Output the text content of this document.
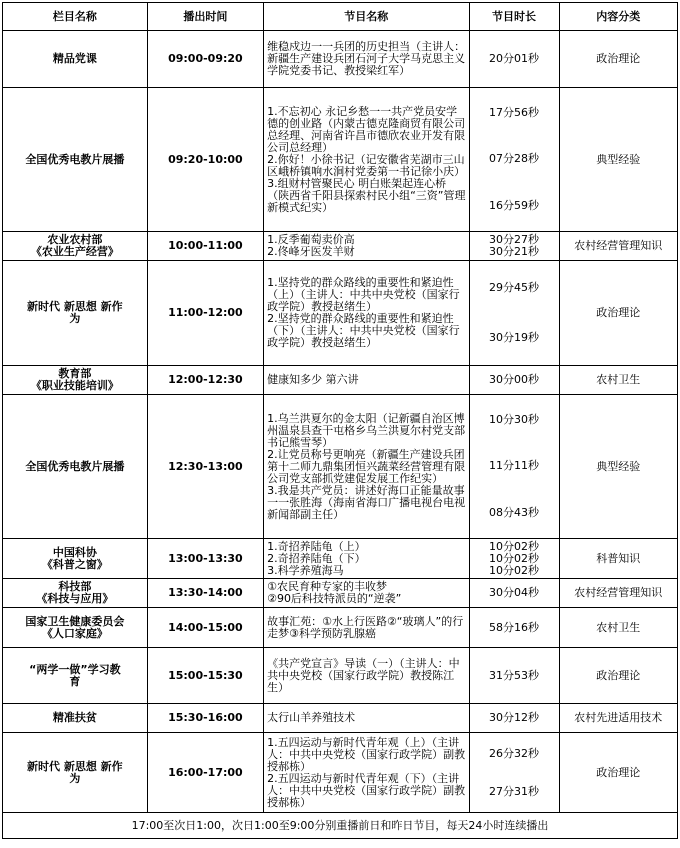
栏目名称	播出时间	节目名称	节目时长	内容分类

精品党课	09:00-09:20	维稳戍边一一兵团的历史担当（主讲人：新疆生产建设兵团石河子大学马克思主义学院党委书记、教授梁红军）	20分01秒	政治理论

全国优秀电教片展播	09:20-10:00	1.不忘初心 永记乡愁一一共产党员安学德的创业路（内蒙古德克隆商贸有限公司总经理、河南省许昌市德欣农业开发有限公司总经理）
2.你好！小徐书记（记安徽省芜湖市三山区峨桥镇响水涧村党委第一书记徐小庆）
3.组财村管聚民心 明白账架起连心桥（陕西省千阳县探索村民小组“三资”管理新模式纪实）	17分56秒
07分28秒
16分59秒	典型经验

农业农村部
《农业生产经营》	10:00-11:00	1.反季葡萄卖价高
2.佟峰牙医发羊财	30分27秒
30分21秒	农村经营管理知识

新时代 新思想 新作
为	11:00-12:00	1.坚持党的群众路线的重要性和紧迫性（上）（主讲人：中共中央党校（国家行政学院）教授赵绪生）
2.坚持党的群众路线的重要性和紧迫性（下）（主讲人：中共中央党校（国家行政学院）教授赵绪生）	29分45秒
30分19秒	政治理论

教育部
《职业技能培训》	12:00-12:30	健康知多少 第六讲	30分00秒	农村卫生

全国优秀电教片展播	12:30-13:00	1.乌兰洪夏尔的金太阳（记新疆自治区博州温泉县查干屯格乡乌兰洪夏尔村党支部书记熊雪琴）
2.让党员称号更响亮（新疆生产建设兵团第十二师九鼎集团恒兴蔬菜经营管理有限公司党支部抓党建促发展工作纪实）
3.我是共产党员：讲述好海口正能量故事一一张胜海（海南省海口广播电视台电视新闻部副主任）	10分30秒
11分11秒
08分43秒	典型经验

中国科协
《科普之窗》	13:00-13:30	1.奇招养陆龟（上）
2.奇招养陆龟（下）
3.科学养殖海马	10分02秒
10分02秒
10分02秒	科普知识

科技部
《科技与应用》	13:30-14:00	①农民育种专家的丰收梦
②90后科技特派员的“逆袭”	30分04秒	农村经营管理知识

国家卫生健康委员会
《人口家庭》	14:00-15:00	故事汇苑：①水上行医路②“玻璃人”的行走梦③科学预防乳腺癌	58分16秒	农村卫生

“两学一做”学习教
育	15:00-15:30	《共产党宣言》导读（一）（主讲人：中共中央党校（国家行政学院）教授陈江生）	31分53秒	政治理论

精准扶贫	15:30-16:00	太行山羊养殖技术	30分12秒	农村先进适用技术

新时代 新思想 新作
为	16:00-17:00	1.五四运动与新时代青年观（上）（主讲人：中共中央党校（国家行政学院）副教授郝栋）
2.五四运动与新时代青年观（下）（主讲人：中共中央党校（国家行政学院）副教授郝栋）	26分32秒
27分31秒	政治理论
17:00至次日1:00，次日1:00至9:00分别重播前日和昨日节目，每天24小时连续播出				
